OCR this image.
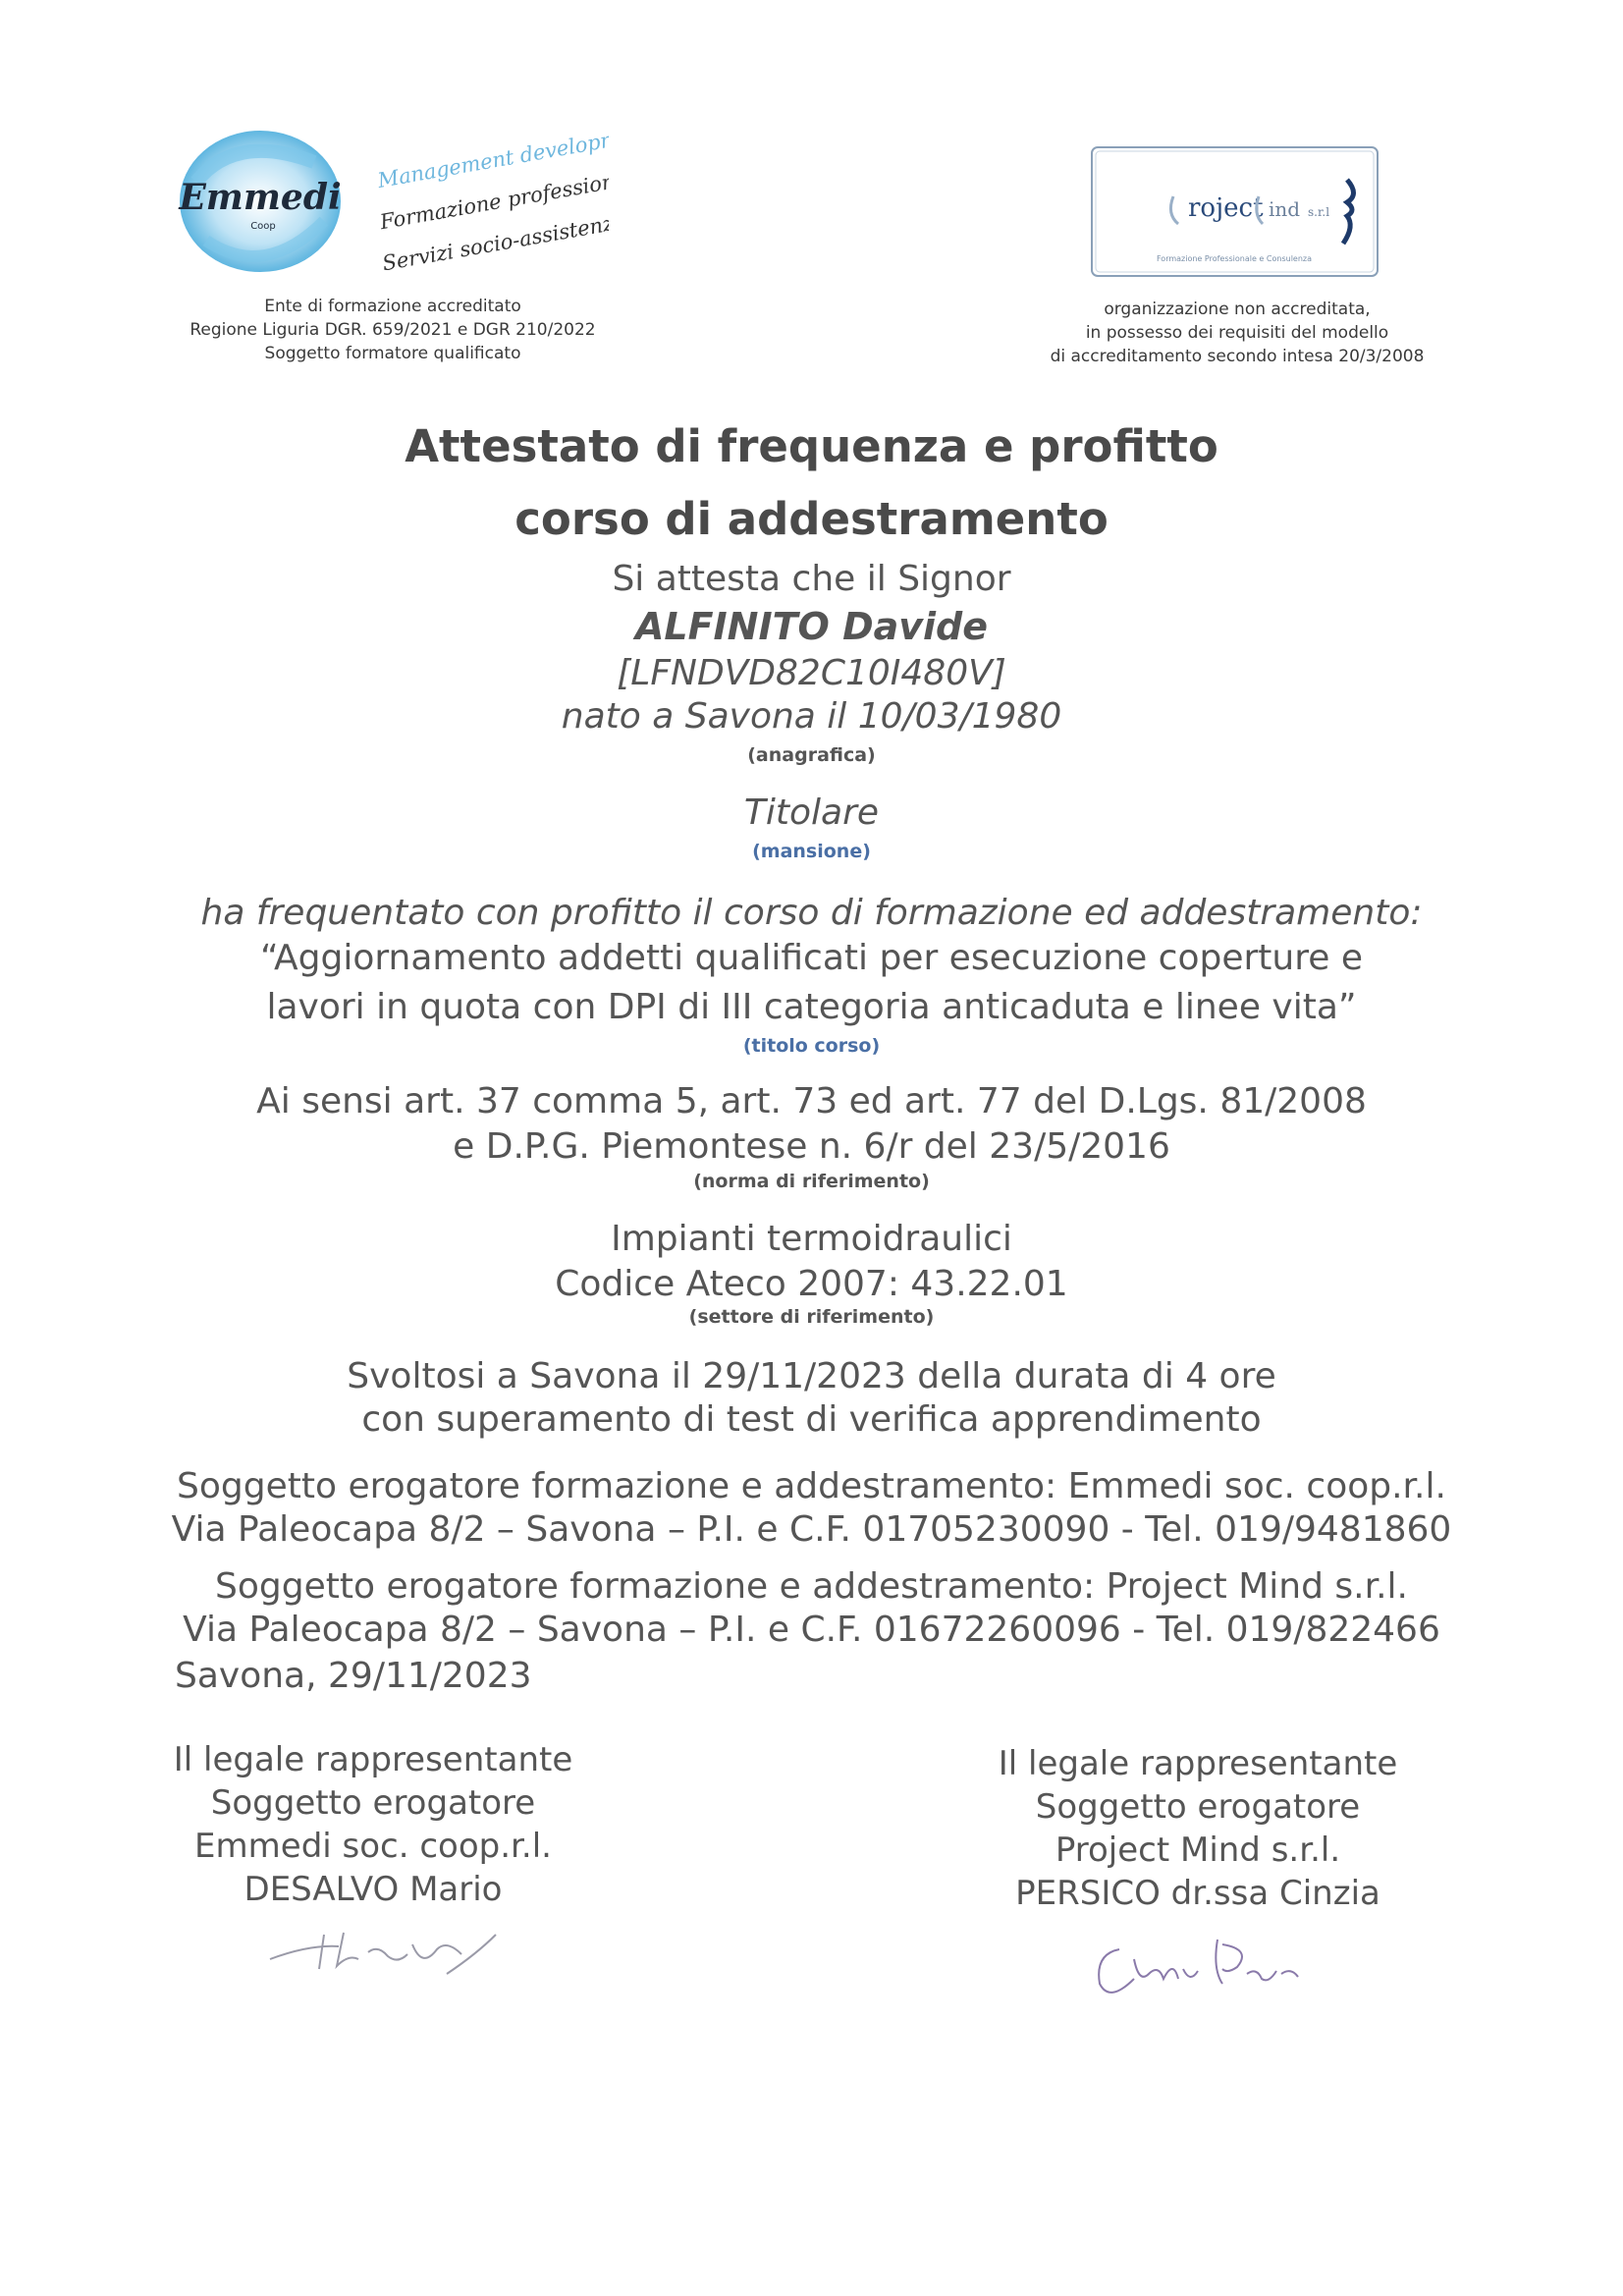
Emmedi
Coop
Management development
Formazione professionale
Servizi socio-assistenziali
Ente di formazione accreditato
Regione Liguria DGR. 659/2021 e DGR 210/2022
Soggetto formatore qualificato
roject ind s.r.l
Formazione Professionale e Consulenza
organizzazione non accreditata,
in possesso dei requisiti del modello
di accreditamento secondo intesa 20/3/2008
Attestato di frequenza e profitto
corso di addestramento
Si attesta che il Signor
ALFINITO Davide
[LFNDVD82C10I480V]
nato a Savona il 10/03/1980
(anagrafica)
Titolare
(mansione)
ha frequentato con profitto il corso di formazione ed addestramento:
“Aggiornamento addetti qualificati per esecuzione coperture e
lavori in quota con DPI di III categoria anticaduta e linee vita”
(titolo corso)
Ai sensi art. 37 comma 5, art. 73 ed art. 77 del D.Lgs. 81/2008
e D.P.G. Piemontese n. 6/r del 23/5/2016
(norma di riferimento)
Impianti termoidraulici
Codice Ateco 2007: 43.22.01
(settore di riferimento)
Svoltosi a Savona il 29/11/2023 della durata di 4 ore
con superamento di test di verifica apprendimento
Soggetto erogatore formazione e addestramento: Emmedi soc. coop.r.l.
Via Paleocapa 8/2 – Savona – P.I. e C.F. 01705230090 - Tel. 019/9481860
Soggetto erogatore formazione e addestramento: Project Mind s.r.l.
Via Paleocapa 8/2 – Savona – P.I. e C.F. 01672260096 - Tel. 019/822466
Savona, 29/11/2023
Il legale rappresentante
Soggetto erogatore
Emmedi soc. coop.r.l.
DESALVO Mario
Il legale rappresentante
Soggetto erogatore
Project Mind s.r.l.
PERSICO dr.ssa Cinzia
